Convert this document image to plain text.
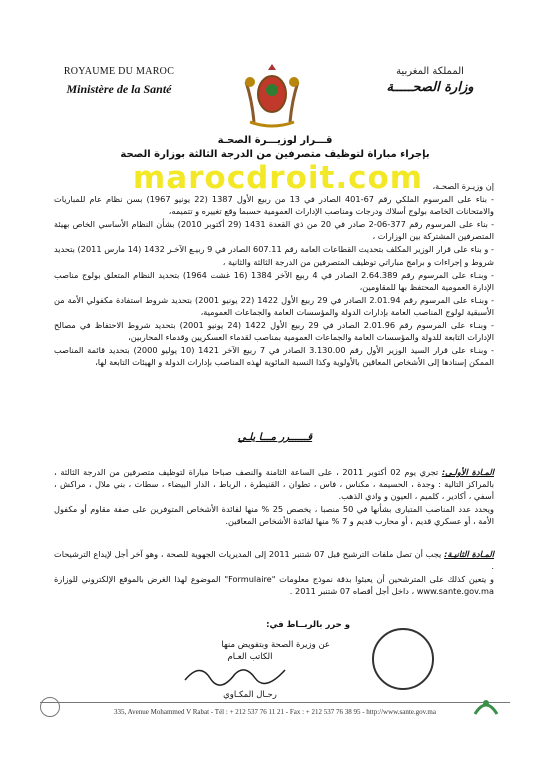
ROYAUME DU MAROC
Ministère de la Santé
المملكة المغربية
وزارة الصحـــــة
قـــرار لوزيـــرة الصحـة
بإجراء مباراة لتوظيف متصرفين من الدرجة الثالثة بوزارة الصحة
marocdroit.com	إن وزيـرة الصحـة،

- بناء على المرسوم الملكي رقم 67-401 الصادر في 13 من ربيع الأول 1387 (22 يونيو 1967) بسن نظام عام للمباريات والامتحانات الخاصة بولوج أسلاك ودرجات ومناصب الإدارات العمومية حسبما وقع تغييره و تتميمه،

- بناء على المرسوم رقم 377-06-2 صادر في 20 من ذي القعدة 1431 (29 أكتوبر 2010) بشأن النظام الأساسي الخاص بهيئة المتصرفين المشتركة بين الوزارات ،

- و بناء على قرار الوزير المكلف بتحديث القطاعات العامة رقم 607.11 الصادر في 9 ربيـع الآخـر 1432 (14 مارس 2011) بتحديد شروط و إجراءات و برامج مباراتي توظيف المتصرفين من الدرجة الثالثة والثانية ،

- وبنـاء على المرسوم رقم 2.64.389 الصادر في 4 ربيع الآخر 1384 (16 غشت 1964) بتحديد النظام المتعلق بولوج مناصب الإدارة العمومية المحتفظ بها للمقاومين،

- وبنـاء على المرسوم رقم 2.01.94 الصادر في 29 ربيع الأول 1422 (22 يونيو 2001) بتحديد شروط استفادة مكفولي الأمة من الأسبقية لولوج المناصب العامة بإدارات الدولة والمؤسسات العامة والجماعات العمومية،

- وبنـاء على المرسوم رقم 2.01.96 الصادر في 29 ربيع الأول 1422 (24 يونيو 2001) بتحديد شروط الاحتفاظ في مصالح الإدارات التابعة للدولة والمؤسسات العامة والجماعات العمومية بمناصب لقدماء العسكريين وقدماء المحاربين،

- وبنـاء على قرار السيد الوزير الأول رقم 3.130.00 الصادر في 7 ربيع الآخر 1421 (10 يوليو 2000) بتحديد قائمة المناصب الممكن إسنادها إلى الأشخاص المعاقين بالأولوية وكذا النسبة المائوية لهذه المناصب بإدارات الدولة و الهيئات التابعة لها،

قــــــرر مـــا يلـي

المـادة الأولـى: تجري يوم 02 أكتوبر 2011 ، على الساعة الثامنة والنصف صباحا مباراة لتوظيف متصرفين من الدرجة الثالثة ، بالمراكز التالية : وجدة ، الحسيمة ، مكناس ، فاس ، تطوان ، القنيطرة ، الرباط ، الدار البيضاء ، سطات ، بني ملال ، مراكش ، أسفي ، أكادير ، كلميم ، العيون و وادي الذهب.

ويحدد عدد المناصب المتبارى بشأنها في 50 منصبا ، يخصص 25 % منها لفائدة الأشخاص المتوفرين على صفة مقاوم أو مكفول الأمة ، أو عسكري قديم ، أو محارب قديم و 7 % منها لفائدة الأشخاص المعاقين.

المـادة الثانيـة: يجب أن تصل ملفات الترشيح قبل 07 شتنبر 2011 إلى المديريات الجهوية للصحة ، وهو آخر أجل لإيداع الترشيحات .

و يتعين كذلك على المترشحين أن يعبئوا بدقة نموذج معلومات "Formulaire" الموضوع لهذا الغرض بالموقع الإلكتروني للوزارة www.sante.gov.ma ، داخل أجل أقصاه 07 شتنبر 2011 .

و حرر بالربــاط في:
عن وزيرة الصحة وبتفويض منها
الكاتب العـام
رحـال المكـاوي
335, Avenue Mohammed V Rabat - Tél : + 212 537 76 11 21 - Fax : + 212 537 76 38 95 - http://www.sante.gov.ma
